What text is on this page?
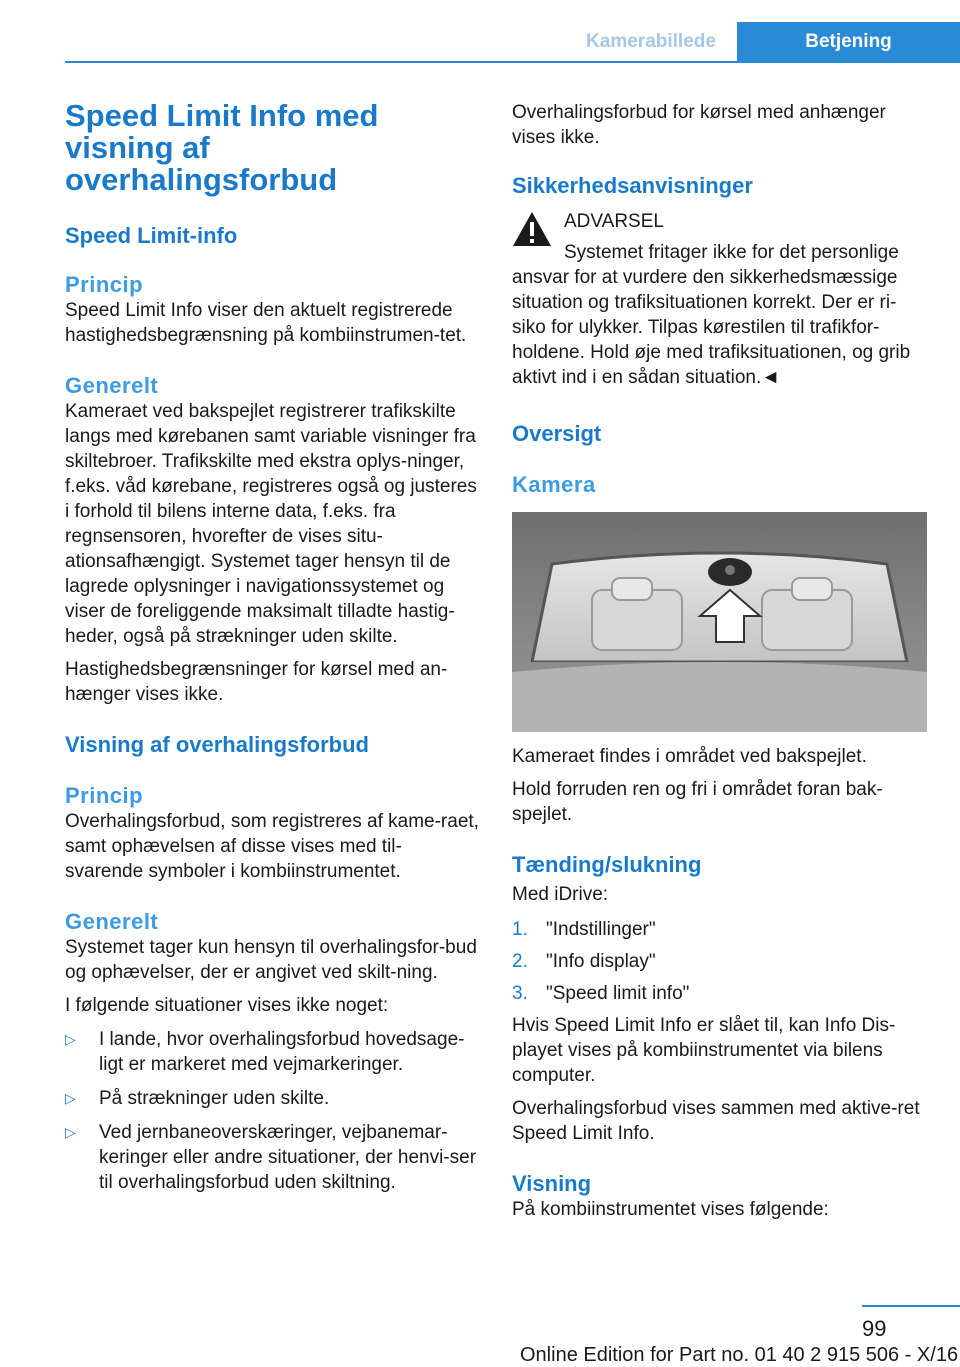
Kamerabillede	Betjening
Speed Limit Info med visning af overhalingsforbud
Speed Limit-info
Princip

Speed Limit Info viser den aktuelt registrerede hastighedsbegrænsning på kombiinstrumen-tet.

Generelt

Kameraet ved bakspejlet registrerer trafikskilte langs med kørebanen samt variable visninger fra skiltebroer. Trafikskilte med ekstra oplys-ninger, f.eks. våd kørebane, registreres også og justeres i forhold til bilens interne data, f.eks. fra regnsensoren, hvorefter de vises situ-ationsafhængigt. Systemet tager hensyn til de lagrede oplysninger i navigationssystemet og viser de foreliggende maksimalt tilladte hastig-heder, også på strækninger uden skilte.

Hastighedsbegrænsninger for kørsel med an-hænger vises ikke.

Visning af overhalingsforbud
Princip

Overhalingsforbud, som registreres af kame-raet, samt ophævelsen af disse vises med til-svarende symboler i kombiinstrumentet.

Generelt

Systemet tager kun hensyn til overhalingsfor-bud og ophævelser, der er angivet ved skilt-ning.

I følgende situationer vises ikke noget:

▷ I lande, hvor overhalingsforbud hovedsage-ligt er markeret med vejmarkeringer.
▷ På strækninger uden skilte.
▷ Ved jernbaneoverskæringer, vejbanemar-keringer eller andre situationer, der henvi-ser til overhalingsforbud uden skiltning.

Overhalingsforbud for kørsel med anhænger vises ikke.

Sikkerhedsanvisninger

ADVARSEL

Systemet fritager ikke for det personlige ansvar for at vurdere den sikkerhedsmæssige situation og trafiksituationen korrekt. Der er ri-siko for ulykker. Tilpas kørestilen til trafikfor-holdene. Hold øje med trafiksituationen, og grib aktivt ind i en sådan situation.◄

Oversigt
Kamera

Kameraet findes i området ved bakspejlet.

Hold forruden ren og fri i området foran bak-spejlet.

Tænding/slukning

Med iDrive:

1. "Indstillinger"
2. "Info display"
3. "Speed limit info"

Hvis Speed Limit Info er slået til, kan Info Dis-playet vises på kombiinstrumentet via bilens computer.

Overhalingsforbud vises sammen med aktive-ret Speed Limit Info.

Visning

På kombiinstrumentet vises følgende:

99
Online Edition for Part no. 01 40 2 915 506 - X/16
